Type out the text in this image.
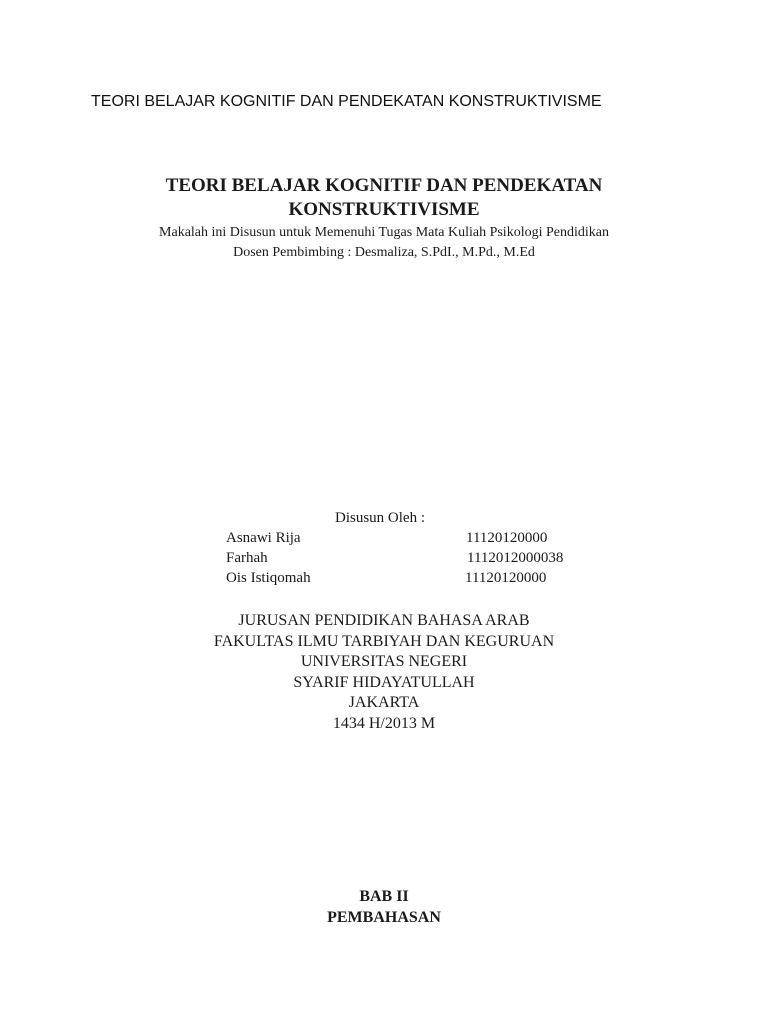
TEORI BELAJAR KOGNITIF DAN PENDEKATAN KONSTRUKTIVISME
TEORI BELAJAR KOGNITIF DAN PENDEKATAN
KONSTRUKTIVISME
Makalah ini Disusun untuk Memenuhi Tugas Mata Kuliah Psikologi Pendidikan
Dosen Pembimbing : Desmaliza, S.PdI., M.Pd., M.Ed
Disusun Oleh :
Asnawi Rija	11120120000
Farhah	1112012000038
Ois Istiqomah	11120120000
JURUSAN PENDIDIKAN BAHASA ARAB
FAKULTAS ILMU TARBIYAH DAN KEGURUAN
UNIVERSITAS NEGERI
SYARIF HIDAYATULLAH
JAKARTA
1434 H/2013 M
BAB II
PEMBAHASAN
